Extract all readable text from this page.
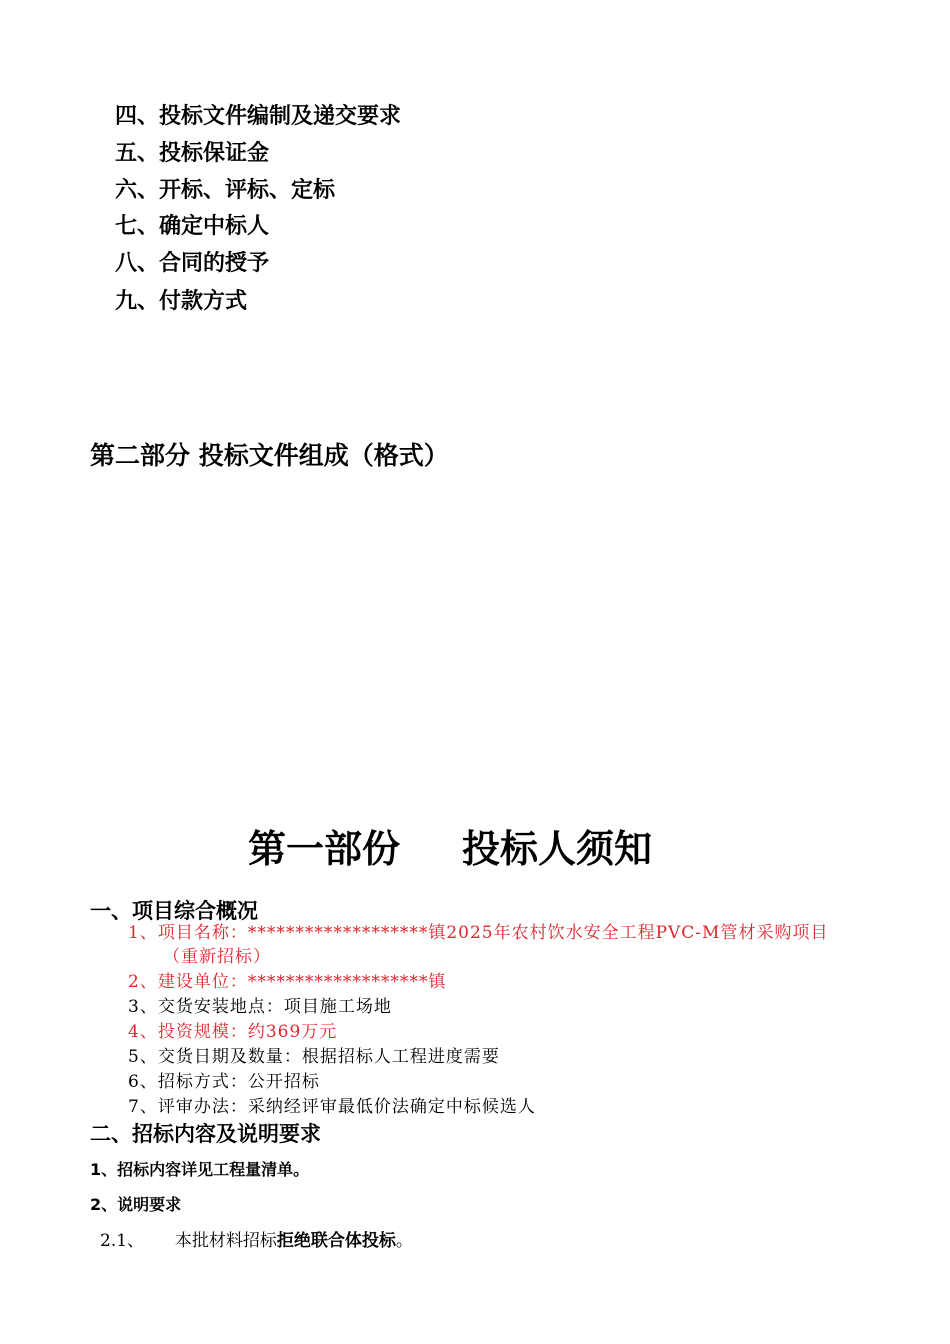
四、投标文件编制及递交要求
五、投标保证金
六、开标、评标、定标
七、确定中标人
八、合同的授予
九、付款方式
第二部分 投标文件组成（格式）
第一部份 投标人须知
一、项目综合概况
1、项目名称：*******************镇2025年农村饮水安全工程PVC-M管材采购项目
（重新招标）
2、建设单位：*******************镇
3、交货安装地点：项目施工场地
4、投资规模：约369万元
5、交货日期及数量：根据招标人工程进度需要
6、招标方式：公开招标
7、评审办法：采纳经评审最低价法确定中标候选人
二、招标内容及说明要求
1、招标内容详见工程量清单。
2、说明要求
2.1、 本批材料招标拒绝联合体投标。
